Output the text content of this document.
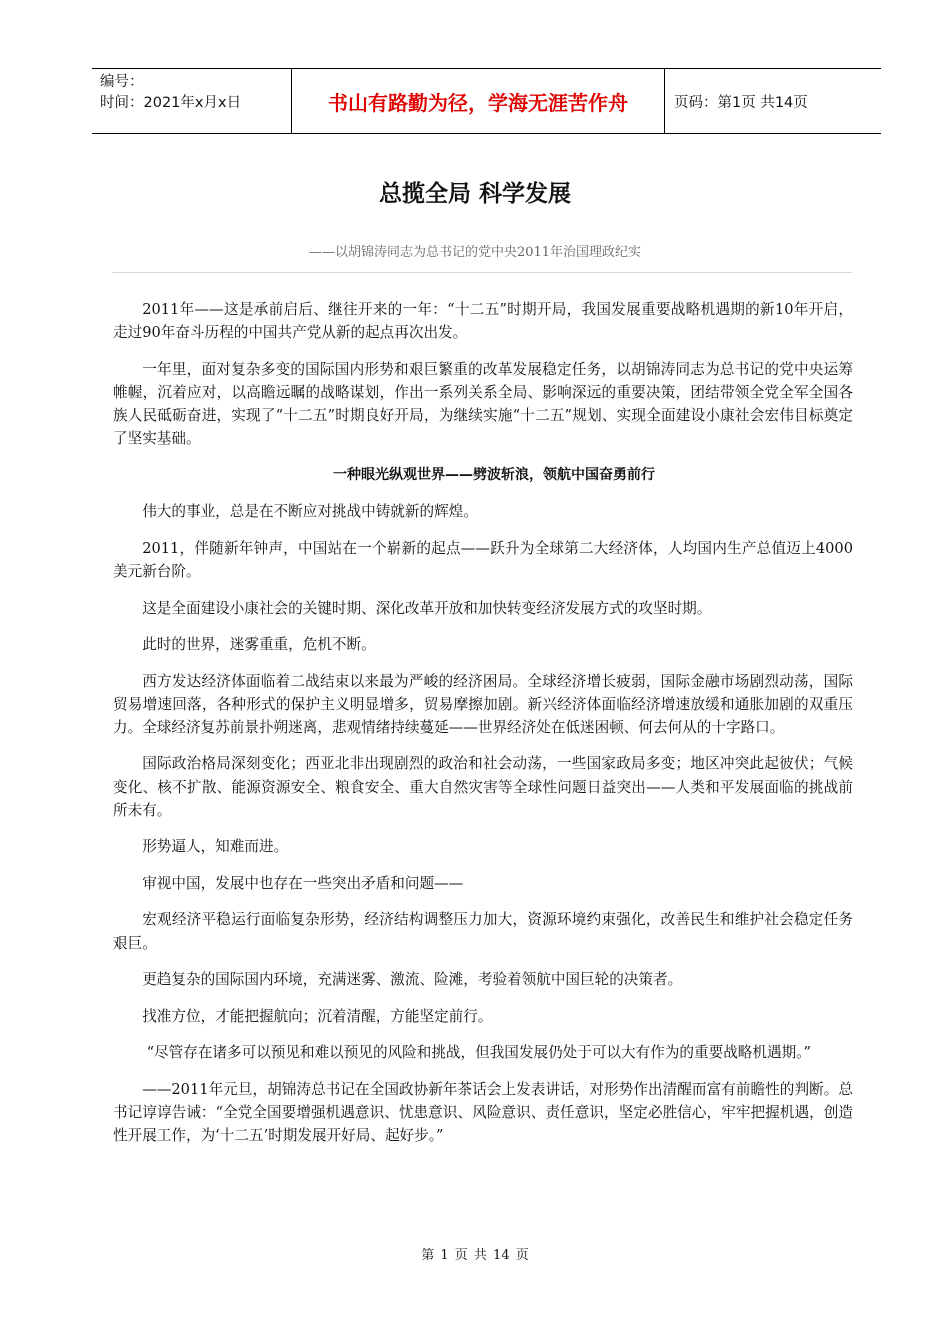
编号：
时间：2021年x月x日	书山有路勤为径，学海无涯苦作舟	页码：第1页 共14页
总揽全局 科学发展

——以胡锦涛同志为总书记的党中央2011年治国理政纪实

2011年——这是承前启后、继往开来的一年：“十二五”时期开局，我国发展重要战略机遇期的新10年开启，走过90年奋斗历程的中国共产党从新的起点再次出发。

一年里，面对复杂多变的国际国内形势和艰巨繁重的改革发展稳定任务，以胡锦涛同志为总书记的党中央运筹帷幄，沉着应对，以高瞻远瞩的战略谋划，作出一系列关系全局、影响深远的重要决策，团结带领全党全军全国各族人民砥砺奋进，实现了“十二五”时期良好开局，为继续实施“十二五”规划、实现全面建设小康社会宏伟目标奠定了坚实基础。

一种眼光纵观世界——劈波斩浪，领航中国奋勇前行

伟大的事业，总是在不断应对挑战中铸就新的辉煌。

2011，伴随新年钟声，中国站在一个崭新的起点——跃升为全球第二大经济体，人均国内生产总值迈上4000美元新台阶。

这是全面建设小康社会的关键时期、深化改革开放和加快转变经济发展方式的攻坚时期。

此时的世界，迷雾重重，危机不断。

西方发达经济体面临着二战结束以来最为严峻的经济困局。全球经济增长疲弱，国际金融市场剧烈动荡，国际贸易增速回落，各种形式的保护主义明显增多，贸易摩擦加剧。新兴经济体面临经济增速放缓和通胀加剧的双重压力。全球经济复苏前景扑朔迷离，悲观情绪持续蔓延——世界经济处在低迷困顿、何去何从的十字路口。

国际政治格局深刻变化；西亚北非出现剧烈的政治和社会动荡，一些国家政局多变；地区冲突此起彼伏；气候变化、核不扩散、能源资源安全、粮食安全、重大自然灾害等全球性问题日益突出——人类和平发展面临的挑战前所未有。

形势逼人，知难而进。

审视中国，发展中也存在一些突出矛盾和问题——

宏观经济平稳运行面临复杂形势，经济结构调整压力加大，资源环境约束强化，改善民生和维护社会稳定任务艰巨。

更趋复杂的国际国内环境，充满迷雾、激流、险滩，考验着领航中国巨轮的决策者。

找准方位，才能把握航向；沉着清醒，方能坚定前行。

“尽管存在诸多可以预见和难以预见的风险和挑战，但我国发展仍处于可以大有作为的重要战略机遇期。”

——2011年元旦，胡锦涛总书记在全国政协新年茶话会上发表讲话，对形势作出清醒而富有前瞻性的判断。总书记谆谆告诫：“全党全国要增强机遇意识、忧患意识、风险意识、责任意识，坚定必胜信心，牢牢把握机遇，创造性开展工作，为‘十二五’时期发展开好局、起好步。”

第 1 页 共 14 页
